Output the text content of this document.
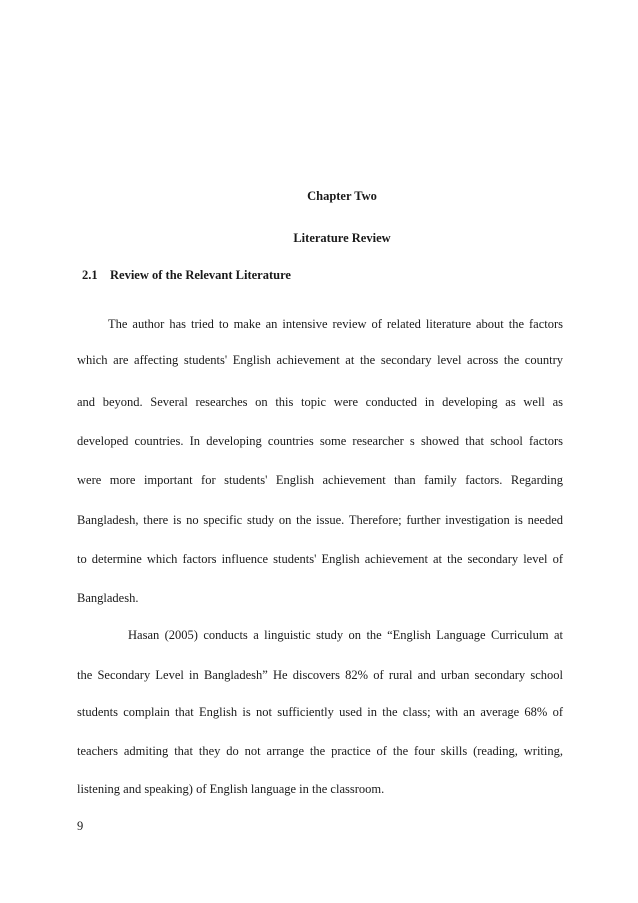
Chapter Two
Literature Review
2.1 Review of the Relevant Literature
The author has tried to make an intensive review of related literature about the factors
which are affecting students' English achievement at the secondary level across the country
and beyond. Several researches on this topic were conducted in developing as well as
developed countries. In developing countries some researcher s showed that school factors
were more important for students' English achievement than family factors. Regarding
Bangladesh, there is no specific study on the issue. Therefore; further investigation is needed
to determine which factors influence students' English achievement at the secondary level of
Bangladesh.
Hasan (2005) conducts a linguistic study on the “English Language Curriculum at
the Secondary Level in Bangladesh” He discovers 82% of rural and urban secondary school
students complain that English is not sufficiently used in the class; with an average 68% of
teachers admiting that they do not arrange the practice of the four skills (reading, writing,
listening and speaking) of English language in the classroom.
9
